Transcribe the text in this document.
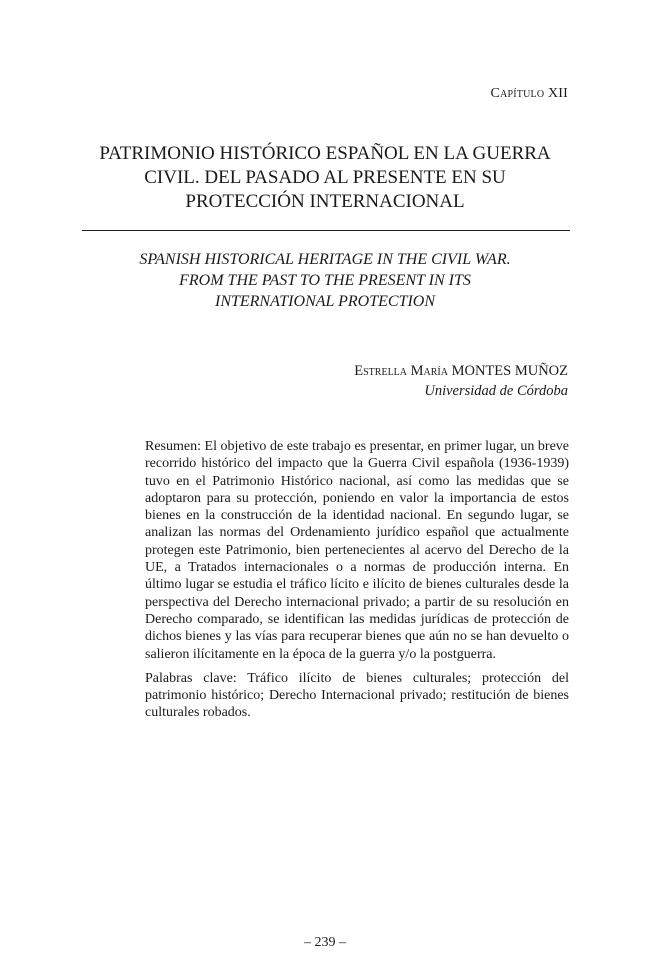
Capítulo XII
PATRIMONIO HISTÓRICO ESPAÑOL EN LA GUERRA
CIVIL. DEL PASADO AL PRESENTE EN SU
PROTECCIÓN INTERNACIONAL
SPANISH HISTORICAL HERITAGE IN THE CIVIL WAR.
FROM THE PAST TO THE PRESENT IN ITS
INTERNATIONAL PROTECTION
Estrella María MONTES MUÑOZ
Universidad de Córdoba

Resumen: El objetivo de este trabajo es presentar, en primer lugar, un breve recorrido histórico del impacto que la Guerra Civil española (1936-1939) tuvo en el Patrimonio Histórico nacional, así como las medidas que se adoptaron para su protección, poniendo en valor la importancia de estos bienes en la construcción de la identidad nacional. En segundo lugar, se analizan las normas del Ordenamiento jurídico español que actualmente protegen este Patrimonio, bien pertenecientes al acervo del Derecho de la UE, a Tratados internacionales o a normas de producción interna. En último lugar se estudia el tráfico lícito e ilícito de bienes culturales desde la perspectiva del Derecho internacional privado; a partir de su resolución en Derecho comparado, se identifican las medidas jurídicas de protección de dichos bienes y las vías para recuperar bienes que aún no se han devuelto o salieron ilícitamente en la época de la guerra y/o la postguerra.

Palabras clave: Tráfico ilícito de bienes culturales; protección del patrimonio histórico; Derecho Internacional privado; restitución de bienes culturales robados.

– 239 –
